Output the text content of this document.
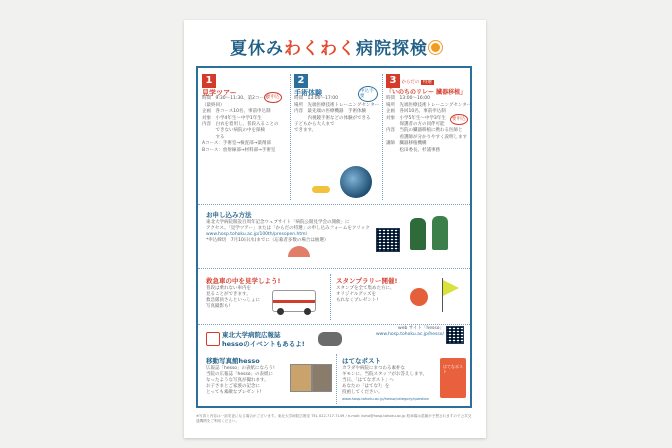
夏休みわくわく病院探検
1
要申込
見学ツアー
時間　9:30〜11:30、第2コース
（最終回）
企画　各コース10名、事前申込制
対象　小学4年生〜中学1年生
内容　白衣を着用し、普段入ることの
　　　できない病院の中を探検
　　　する
Aコース：手術室→検査部→薬剤部
Bコース：放射線部→材料部→手術室
2
申込不要
手術体験
時間　13:00〜17:00
場所　先端医療技術トレーニングセンター
内容　最先端の医療機器　手術体験
　　　内視鏡手術などの体験ができる
子どもから大人まで
できます。
3 からだの 特選
要申込
「いのちのリレー 臓器移植」
時間　13:00〜16:00
場所　先端医療技術トレーニングセンター
企画　各回10名、事前申込制
対象　小学5年生〜中学3年生
　　　保護者の方の同伴可能
内容　当院の臓器移植に携わる医師と
　　　看護師が分かりやすく説明します
講師　臓器移植機構
　　　松田委長、杉浦事務
お申し込み方法
東北大学病院開設百周年記念ウェブサイト「病院公開見学会の開催」に
アクセス。「見学ツアー」または「からだの特選」の申し込みフォームをクリック
www.hosp.tohoku.ac.jp/100th/presopen.html
*申込締切　7月10日(水)までに（応募者多数の場合は抽選）
救急車の中を見学しよう!
普段は乗れない車内を
見ることができます。
救急隊員さんといっしょに
写真撮影も!
スタンプラリー開催!
スタンプを全て集めた方に、
オリジナルグッズを
もれなくプレゼント!
東北大学病院広報誌
hessoのイベントもあるよ!
web サイト「hesso」
www.hosp.tohoku.ac.jp/hesso/
移動写真館hesso
広報誌「hesso」の表紙になろう!
当院の広報誌「hesso」の表紙に
なったような写真が撮れます。
お子さまとご家族の記念に
とっても素敵なプレゼント!
はてなポスト
カラダや病院にまつわる素朴な
ギモンに、当院スタッフがお答えします。
当日、「はてなポスト」へ
あなたの「はてな?」を
投函してください。
www.hosp.tohoku.ac.jp/hesso/category/question
はてなポスト
※写真と内容は一部変更になる場合がございます。東北大学病院広報室 TEL 022-717-7149 / e-mail: koho@hosp.tohoku.ac.jp 駐車場は混雑が予想されますので公共交通機関をご利用ください。
